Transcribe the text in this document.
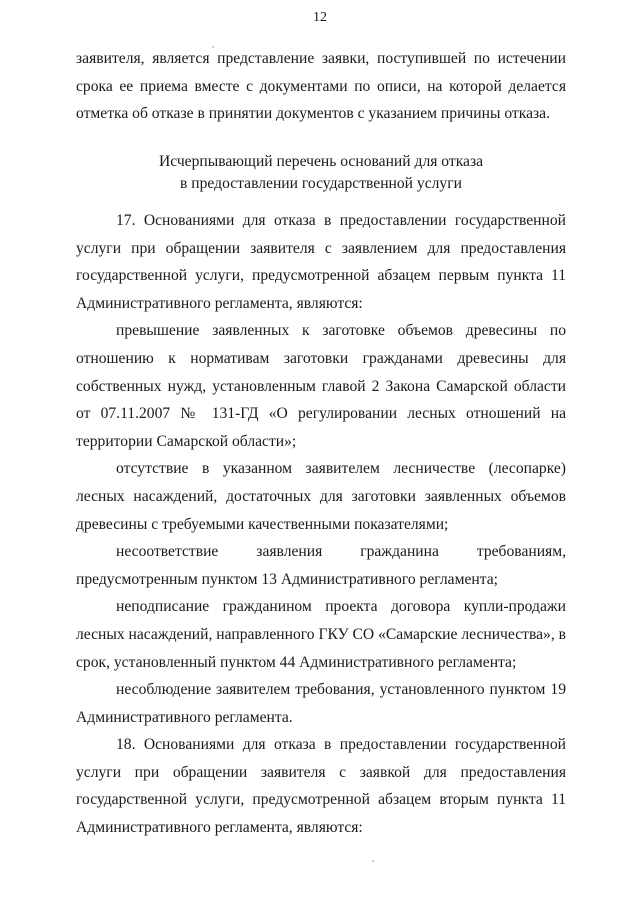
12

заявителя, является представление заявки, поступившей по истечении срока ее приема вместе с документами по описи, на которой делается отметка об отказе в принятии документов с указанием причины отказа.

Исчерпывающий перечень оснований для отказа
в предоставлении государственной услуги

17. Основаниями для отказа в предоставлении государственной услуги при обращении заявителя с заявлением для предоставления государственной услуги, предусмотренной абзацем первым пункта 11 Административного регламента, являются:

превышение заявленных к заготовке объемов древесины по отношению к нормативам заготовки гражданами древесины для собственных нужд, установленным главой 2 Закона Самарской области от 07.11.2007 № 131-ГД «О регулировании лесных отношений на территории Самарской области»;

отсутствие в указанном заявителем лесничестве (лесопарке) лесных насаждений, достаточных для заготовки заявленных объемов древесины с требуемыми качественными показателями;

несоответствие заявления гражданина требованиям, предусмотренным пунктом 13 Административного регламента;

неподписание гражданином проекта договора купли-продажи лесных насаждений, направленного ГКУ СО «Самарские лесничества», в срок, установленный пунктом 44 Административного регламента;

несоблюдение заявителем требования, установленного пунктом 19 Административного регламента.

18. Основаниями для отказа в предоставлении государственной услуги при обращении заявителя с заявкой для предоставления государственной услуги, предусмотренной абзацем вторым пункта 11 Административного регламента, являются:
